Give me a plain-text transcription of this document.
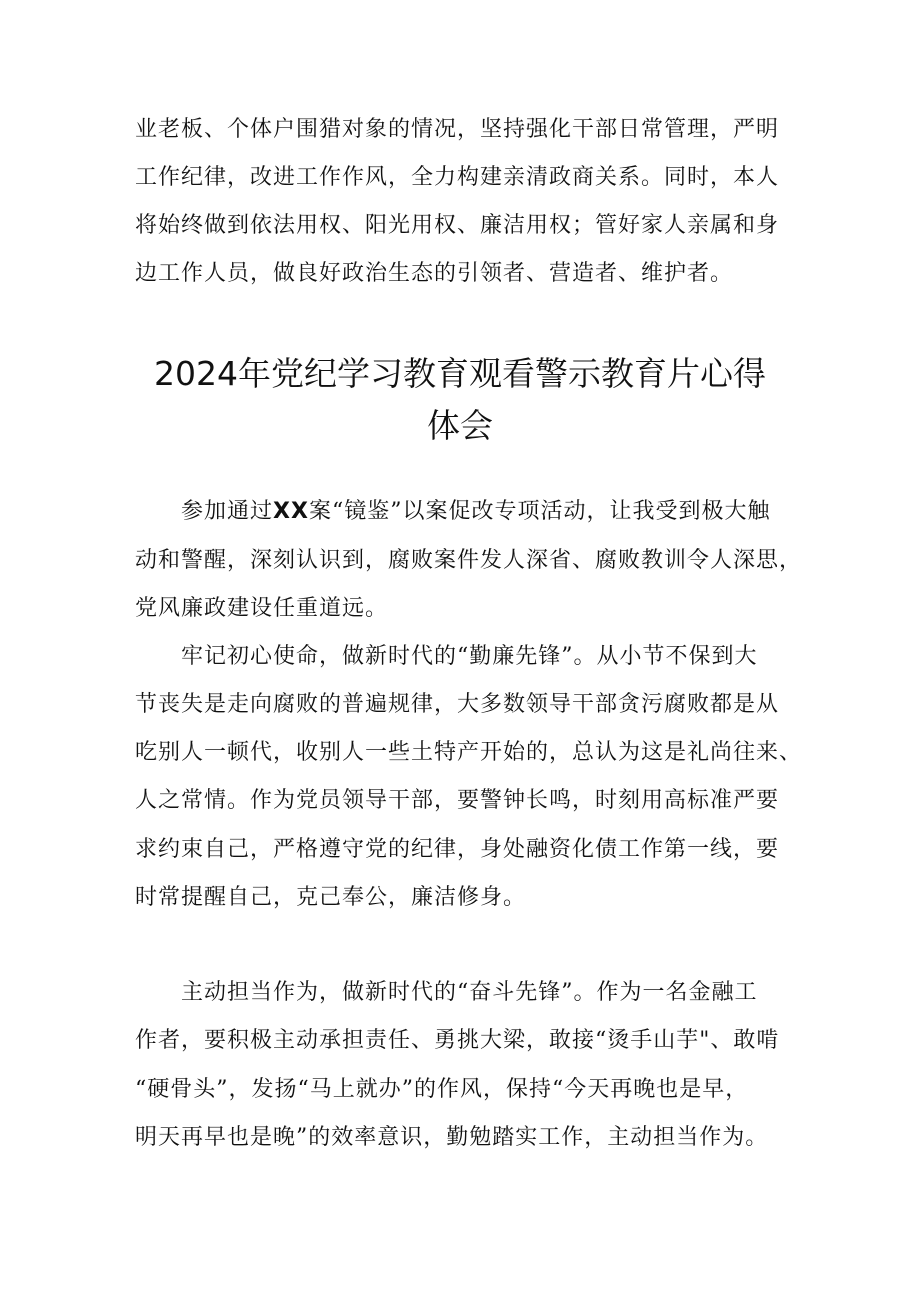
业老板、个体户围猎对象的情况，坚持强化干部日常管理，严明
工作纪律，改进工作作风，全力构建亲清政商关系。同时，本人
将始终做到依法用权、阳光用权、廉洁用权；管好家人亲属和身
边工作人员，做良好政治生态的引领者、营造者、维护者。
2024年党纪学习教育观看警示教育片心得
体会
参加通过XX案“镜鉴”以案促改专项活动，让我受到极大触
动和警醒，深刻认识到，腐败案件发人深省、腐败教训令人深思，
党风廉政建设任重道远。
牢记初心使命，做新时代的“勤廉先锋”。从小节不保到大
节丧失是走向腐败的普遍规律，大多数领导干部贪污腐败都是从
吃别人一顿代，收别人一些土特产开始的，总认为这是礼尚往来、
人之常情。作为党员领导干部，要警钟长鸣，时刻用高标准严要
求约束自己，严格遵守党的纪律，身处融资化债工作第一线，要
时常提醒自己，克己奉公，廉洁修身。
主动担当作为，做新时代的“奋斗先锋”。作为一名金融工
作者，要积极主动承担责任、勇挑大梁，敢接“烫手山芋"、敢啃
“硬骨头”，发扬“马上就办”的作风，保持“今天再晚也是早，
明天再早也是晚”的效率意识，勤勉踏实工作，主动担当作为。
